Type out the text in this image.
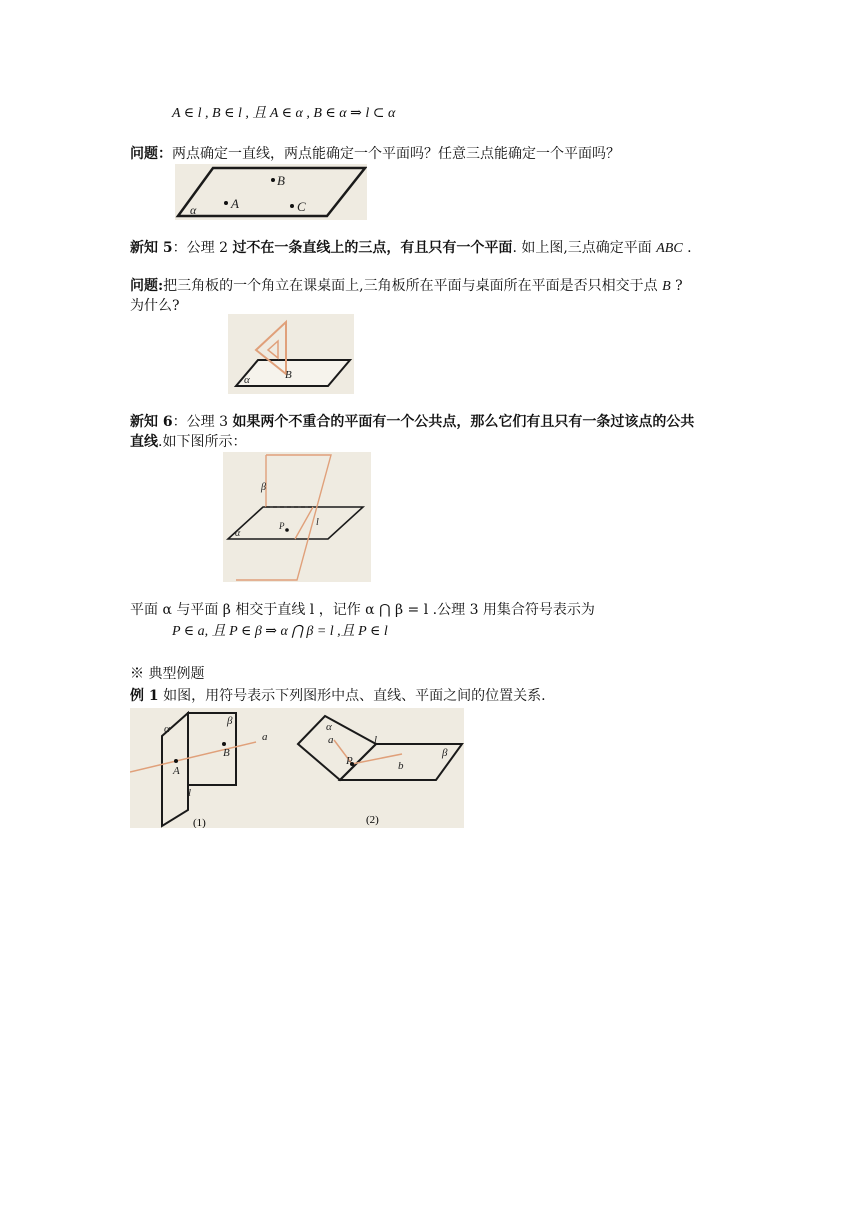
A ∈ l , B ∈ l , 且 A ∈ α , B ∈ α ⇒ l ⊂ α
问题：两点确定一直线，两点能确定一个平面吗？任意三点能确定一个平面吗？
B
A	C
α
新知 5：公理 2 过不在一条直线上的三点，有且只有一个平面. 如上图,三点确定平面 ABC .
问题:把三角板的一个角立在课桌面上,三角板所在平面与桌面所在平面是否只相交于点 B ?
为什么?
B
α
新知 6：公理 3 如果两个不重合的平面有一个公共点，那么它们有且只有一条过该点的公共
直线.如下图所示：
β
P	l
α
平面 α 与平面 β 相交于直线 l ，记作 α ⋂ β = l .公理 3 用集合符号表示为
P ∈ a, 且 P ∈ β ⇒ α ⋂ β = l ,且 P ∈ l
※ 典型例题
例 1 如图，用符号表示下列图形中点、直线、平面之间的位置关系.
α
β
A
B
a
l
(1)
α
a	l
P	b
β
(2)
